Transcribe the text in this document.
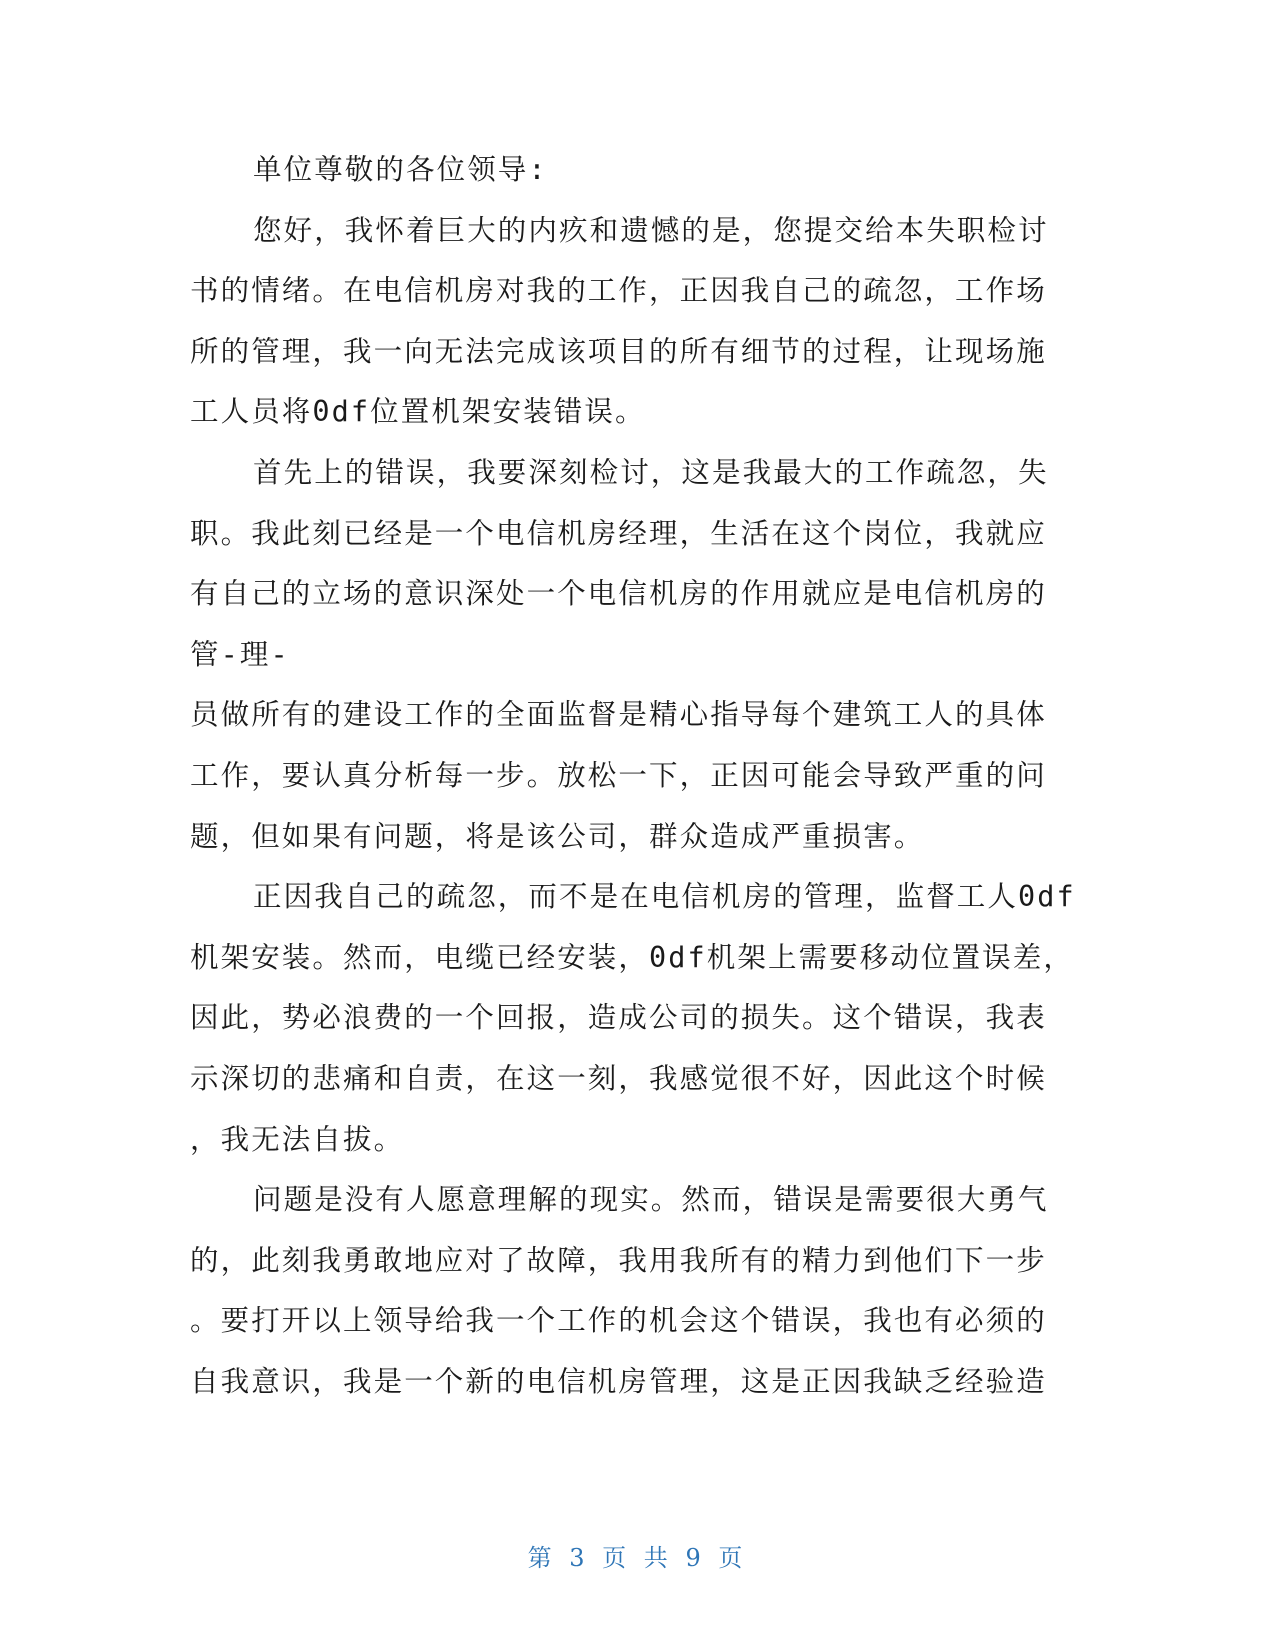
单位尊敬的各位领导:
您好，我怀着巨大的内疚和遗憾的是，您提交给本失职检讨
书的情绪。在电信机房对我的工作，正因我自己的疏忽，工作场
所的管理，我一向无法完成该项目的所有细节的过程，让现场施
工人员将0df位置机架安装错误。
首先上的错误，我要深刻检讨，这是我最大的工作疏忽，失
职。我此刻已经是一个电信机房经理，生活在这个岗位，我就应
有自己的立场的意识深处一个电信机房的作用就应是电信机房的
管-理-
员做所有的建设工作的全面监督是精心指导每个建筑工人的具体
工作，要认真分析每一步。放松一下，正因可能会导致严重的问
题，但如果有问题，将是该公司，群众造成严重损害。
正因我自己的疏忽，而不是在电信机房的管理，监督工人0df
机架安装。然而，电缆已经安装，0df机架上需要移动位置误差，
因此，势必浪费的一个回报，造成公司的损失。这个错误，我表
示深切的悲痛和自责，在这一刻，我感觉很不好，因此这个时候
，我无法自拔。
问题是没有人愿意理解的现实。然而，错误是需要很大勇气
的，此刻我勇敢地应对了故障，我用我所有的精力到他们下一步
。要打开以上领导给我一个工作的机会这个错误，我也有必须的
自我意识，我是一个新的电信机房管理，这是正因我缺乏经验造
第 3 页 共 9 页
